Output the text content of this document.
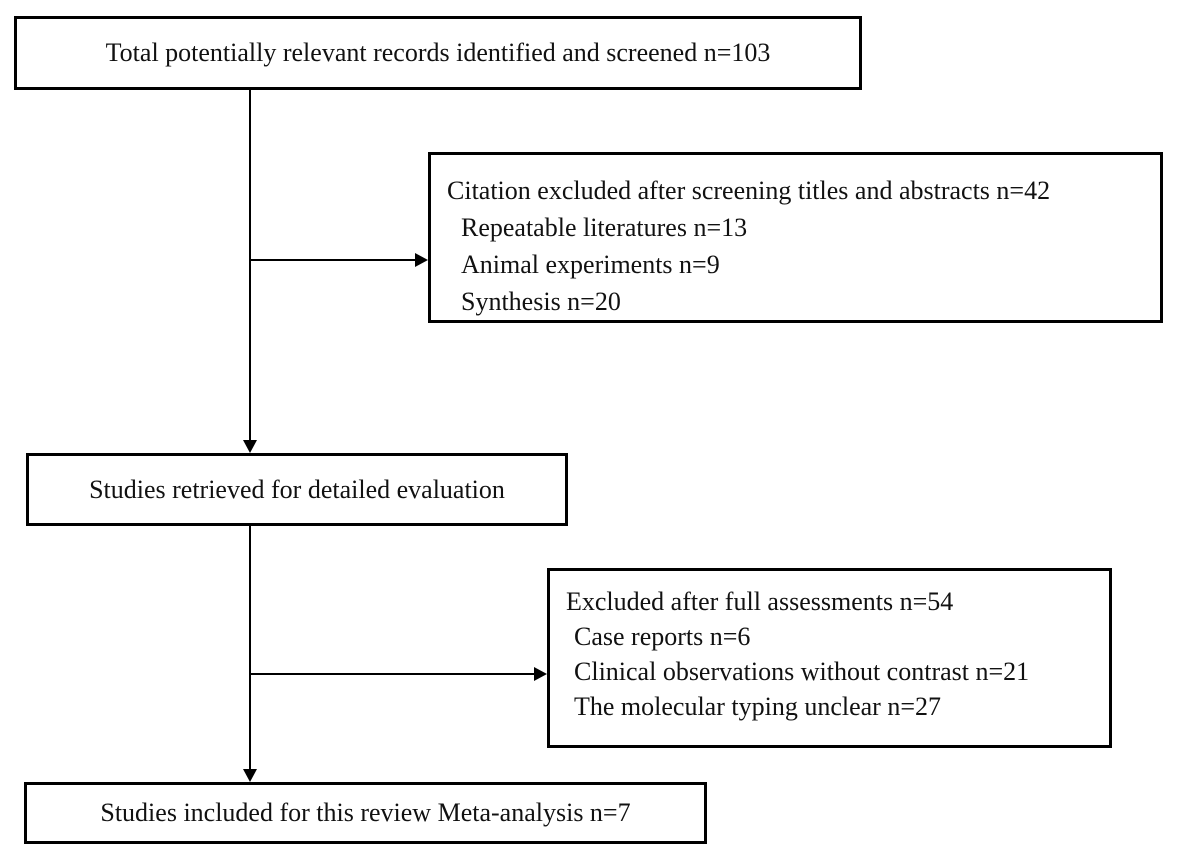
Total potentially relevant records identified and screened n=103
Citation excluded after screening titles and abstracts n=42
Repeatable literatures n=13
Animal experiments n=9
Synthesis n=20
Studies retrieved for detailed evaluation
Excluded after full assessments n=54
Case reports n=6
Clinical observations without contrast n=21
The molecular typing unclear n=27
Studies included for this review Meta-analysis n=7
